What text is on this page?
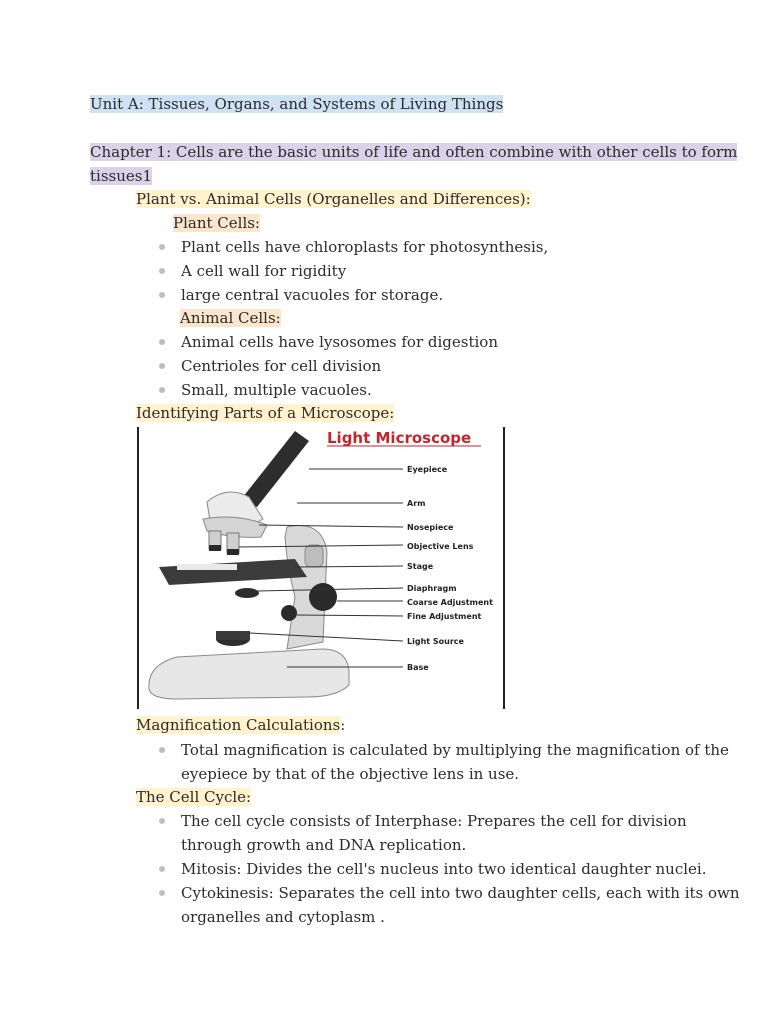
Unit A: Tissues, Organs, and Systems of Living Things
Chapter 1: Cells are the basic units of life and often combine with other cells to form
tissues1
Plant vs. Animal Cells (Organelles and Differences):
Plant Cells:
Plant cells have chloroplasts for photosynthesis,
A cell wall for rigidity
large central vacuoles for storage.
Animal Cells:
Animal cells have lysosomes for digestion
Centrioles for cell division
Small, multiple vacuoles.
Identifying Parts of a Microscope:
Light Microscope
Eyepiece
Arm
Nosepiece
Objective Lens
Stage
Diaphragm
Coarse Adjustment
Fine Adjustment
Light Source
Base
Magnification Calculations:
Total magnification is calculated by multiplying the magnification of the
eyepiece by that of the objective lens in use.
The Cell Cycle:
The cell cycle consists of Interphase: Prepares the cell for division
through growth and DNA replication.
Mitosis: Divides the cell's nucleus into two identical daughter nuclei.
Cytokinesis: Separates the cell into two daughter cells, each with its own
organelles and cytoplasm .
